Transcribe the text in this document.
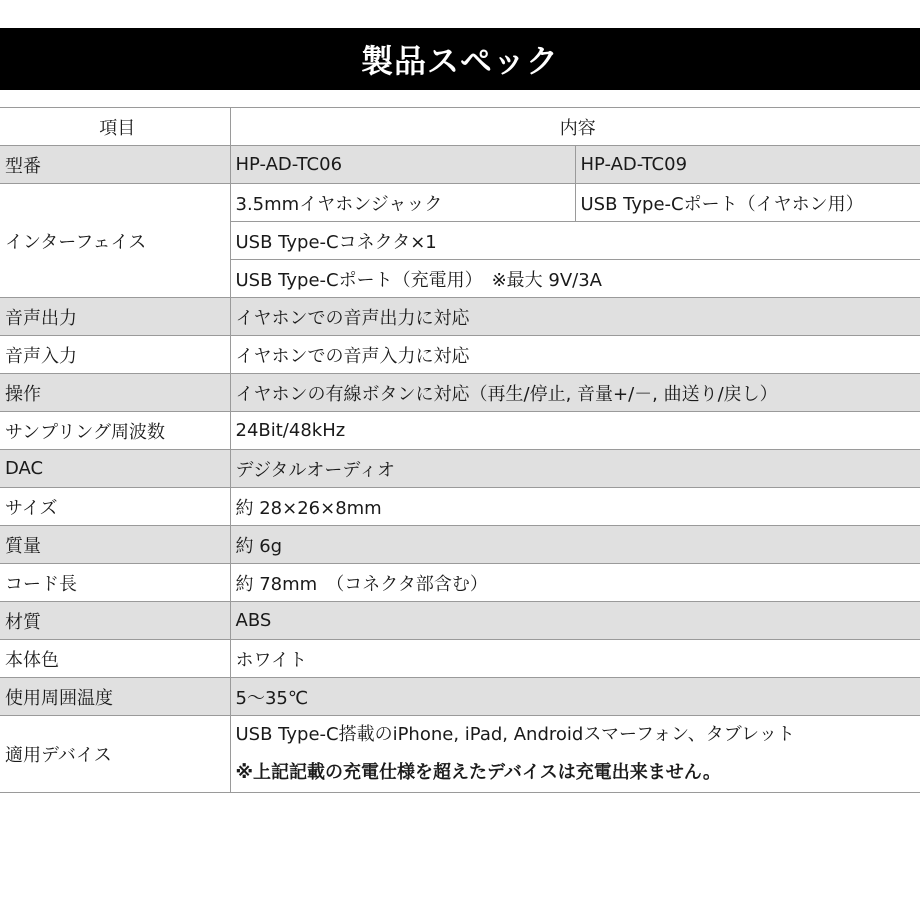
製品スペック
項目	内容	
型番	HP-AD-TC06	HP-AD-TC09
インターフェイス	3.5mmイヤホンジャック	USB Type-Cポート（イヤホン用）
	USB Type-Cコネクタ×1	
	USB Type-Cポート（充電用）　※最大 9V/3A	
音声出力	イヤホンでの音声出力に対応	
音声入力	イヤホンでの音声入力に対応	
操作	イヤホンの有線ボタンに対応（再生/停止, 音量+/－, 曲送り/戻し）	
サンプリング周波数	24Bit/48kHz	
DAC	デジタルオーディオ	
サイズ	約 28×26×8mm	
質量	約 6g	
コード長	約 78mm　（コネクタ部含む）	
材質	ABS	
本体色	ホワイト	
使用周囲温度	5～35℃	
適用デバイス	USB Type-C搭載のiPhone, iPad, Androidスマーフォン、タブレット
※上記記載の充電仕様を超えたデバイスは充電出来ません。	
